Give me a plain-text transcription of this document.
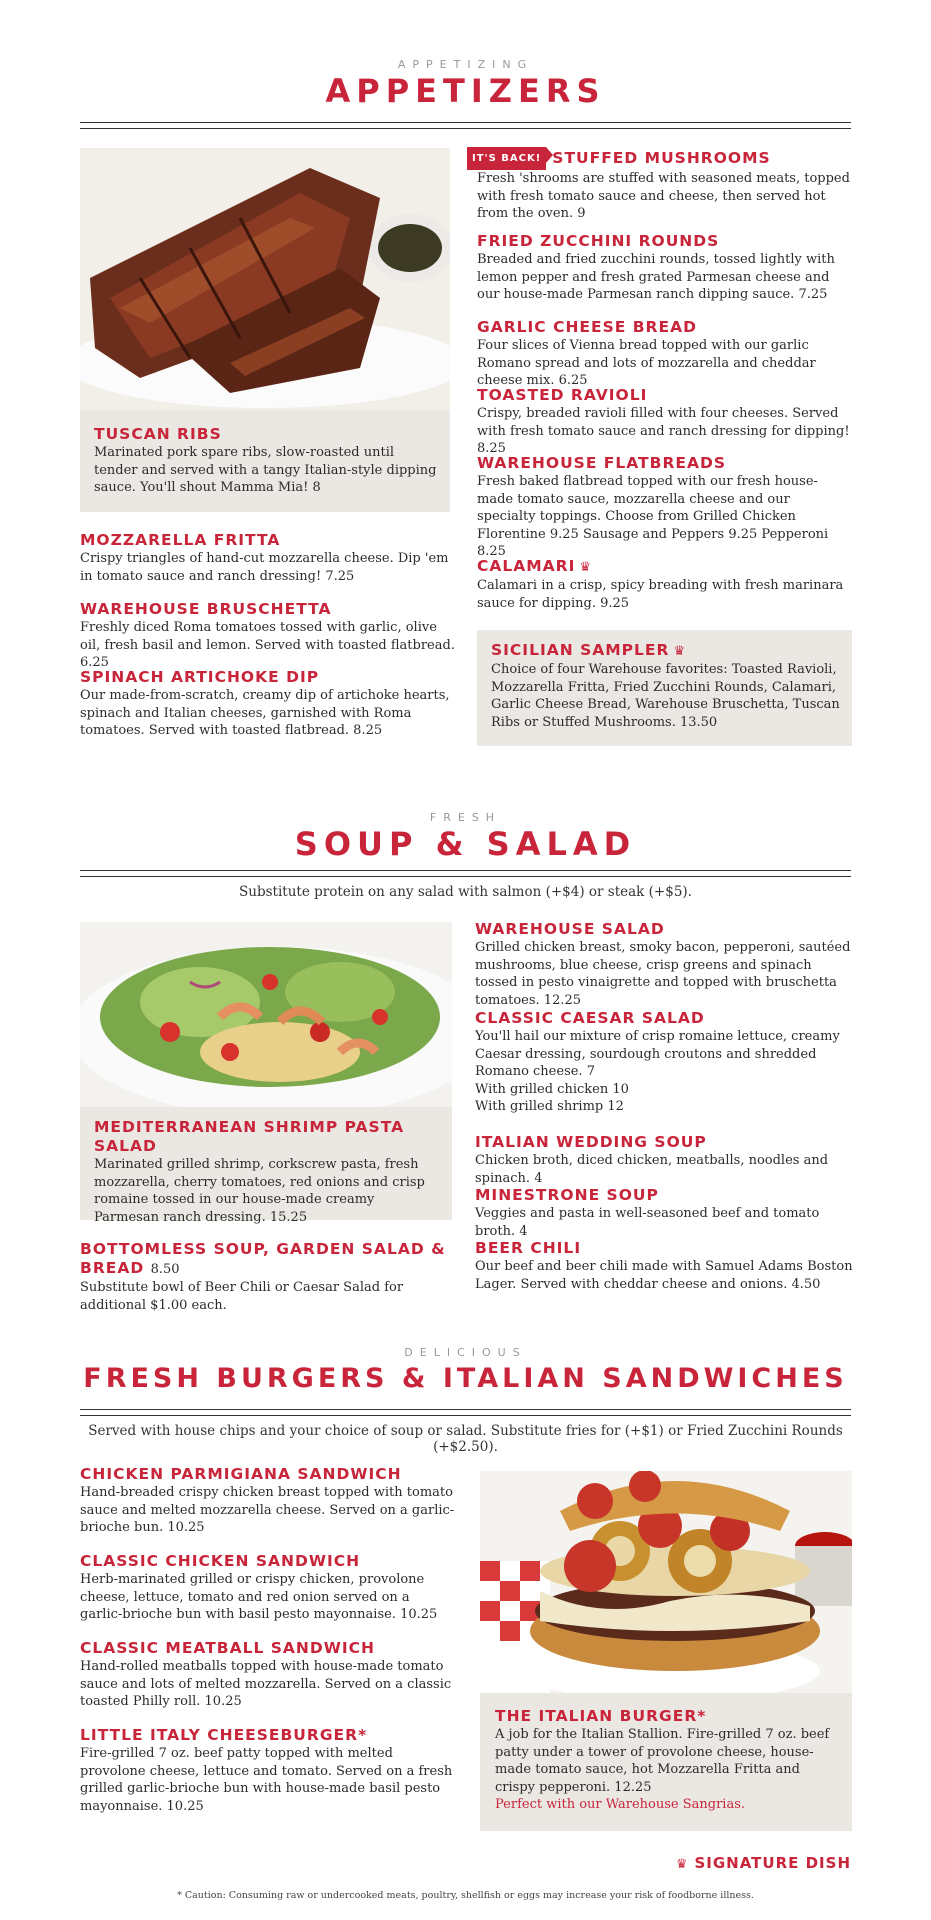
APPETIZING
APPETIZERS
TUSCAN RIBS
Marinated pork spare ribs, slow-roasted until tender and served with a tangy Italian-style dipping sauce. You'll shout Mamma Mia! 8
MOZZARELLA FRITTA
Crispy triangles of hand-cut mozzarella cheese. Dip 'em in tomato sauce and ranch dressing! 7.25
WAREHOUSE BRUSCHETTA
Freshly diced Roma tomatoes tossed with garlic, olive oil, fresh basil and lemon. Served with toasted flatbread. 6.25
SPINACH ARTICHOKE DIP
Our made-from-scratch, creamy dip of artichoke hearts, spinach and Italian cheeses, garnished with Roma tomatoes. Served with toasted flatbread. 8.25
IT'S BACK! STUFFED MUSHROOMS
Fresh 'shrooms are stuffed with seasoned meats, topped with fresh tomato sauce and cheese, then served hot from the oven. 9
FRIED ZUCCHINI ROUNDS
Breaded and fried zucchini rounds, tossed lightly with lemon pepper and fresh grated Parmesan cheese and our house-made Parmesan ranch dipping sauce. 7.25
GARLIC CHEESE BREAD
Four slices of Vienna bread topped with our garlic Romano spread and lots of mozzarella and cheddar cheese mix. 6.25
TOASTED RAVIOLI
Crispy, breaded ravioli filled with four cheeses. Served with fresh tomato sauce and ranch dressing for dipping! 8.25
WAREHOUSE FLATBREADS
Fresh baked flatbread topped with our fresh house-made tomato sauce, mozzarella cheese and our specialty toppings. Choose from Grilled Chicken Florentine 9.25 Sausage and Peppers 9.25 Pepperoni 8.25
CALAMARI ♛
Calamari in a crisp, spicy breading with fresh marinara sauce for dipping. 9.25
SICILIAN SAMPLER ♛
Choice of four Warehouse favorites: Toasted Ravioli, Mozzarella Fritta, Fried Zucchini Rounds, Calamari, Garlic Cheese Bread, Warehouse Bruschetta, Tuscan Ribs or Stuffed Mushrooms. 13.50
FRESH
SOUP & SALAD
Substitute protein on any salad with salmon (+$4) or steak (+$5).
MEDITERRANEAN SHRIMP PASTA SALAD
Marinated grilled shrimp, corkscrew pasta, fresh mozzarella, cherry tomatoes, red onions and crisp romaine tossed in our house-made creamy Parmesan ranch dressing. 15.25
BOTTOMLESS SOUP, GARDEN SALAD & BREAD 8.50
Substitute bowl of Beer Chili or Caesar Salad for additional $1.00 each.
WAREHOUSE SALAD
Grilled chicken breast, smoky bacon, pepperoni, sautéed mushrooms, blue cheese, crisp greens and spinach tossed in pesto vinaigrette and topped with bruschetta tomatoes. 12.25
CLASSIC CAESAR SALAD
You'll hail our mixture of crisp romaine lettuce, creamy Caesar dressing, sourdough croutons and shredded Romano cheese. 7
With grilled chicken 10
With grilled shrimp 12
ITALIAN WEDDING SOUP
Chicken broth, diced chicken, meatballs, noodles and spinach. 4
MINESTRONE SOUP
Veggies and pasta in well-seasoned beef and tomato broth. 4
BEER CHILI
Our beef and beer chili made with Samuel Adams Boston Lager. Served with cheddar cheese and onions. 4.50
DELICIOUS
FRESH BURGERS & ITALIAN SANDWICHES
Served with house chips and your choice of soup or salad. Substitute fries for (+$1) or Fried Zucchini Rounds (+$2.50).
CHICKEN PARMIGIANA SANDWICH
Hand-breaded crispy chicken breast topped with tomato sauce and melted mozzarella cheese. Served on a garlic-brioche bun. 10.25
CLASSIC CHICKEN SANDWICH
Herb-marinated grilled or crispy chicken, provolone cheese, lettuce, tomato and red onion served on a garlic-brioche bun with basil pesto mayonnaise. 10.25
CLASSIC MEATBALL SANDWICH
Hand-rolled meatballs topped with house-made tomato sauce and lots of melted mozzarella. Served on a classic toasted Philly roll. 10.25
LITTLE ITALY CHEESEBURGER*
Fire-grilled 7 oz. beef patty topped with melted provolone cheese, lettuce and tomato. Served on a fresh grilled garlic-brioche bun with house-made basil pesto mayonnaise. 10.25
THE ITALIAN BURGER*
A job for the Italian Stallion. Fire-grilled 7 oz. beef patty under a tower of provolone cheese, house-made tomato sauce, hot Mozzarella Fritta and crispy pepperoni. 12.25
Perfect with our Warehouse Sangrias.
♛ SIGNATURE DISH
* Caution: Consuming raw or undercooked meats, poultry, shellfish or eggs may increase your risk of foodborne illness.
